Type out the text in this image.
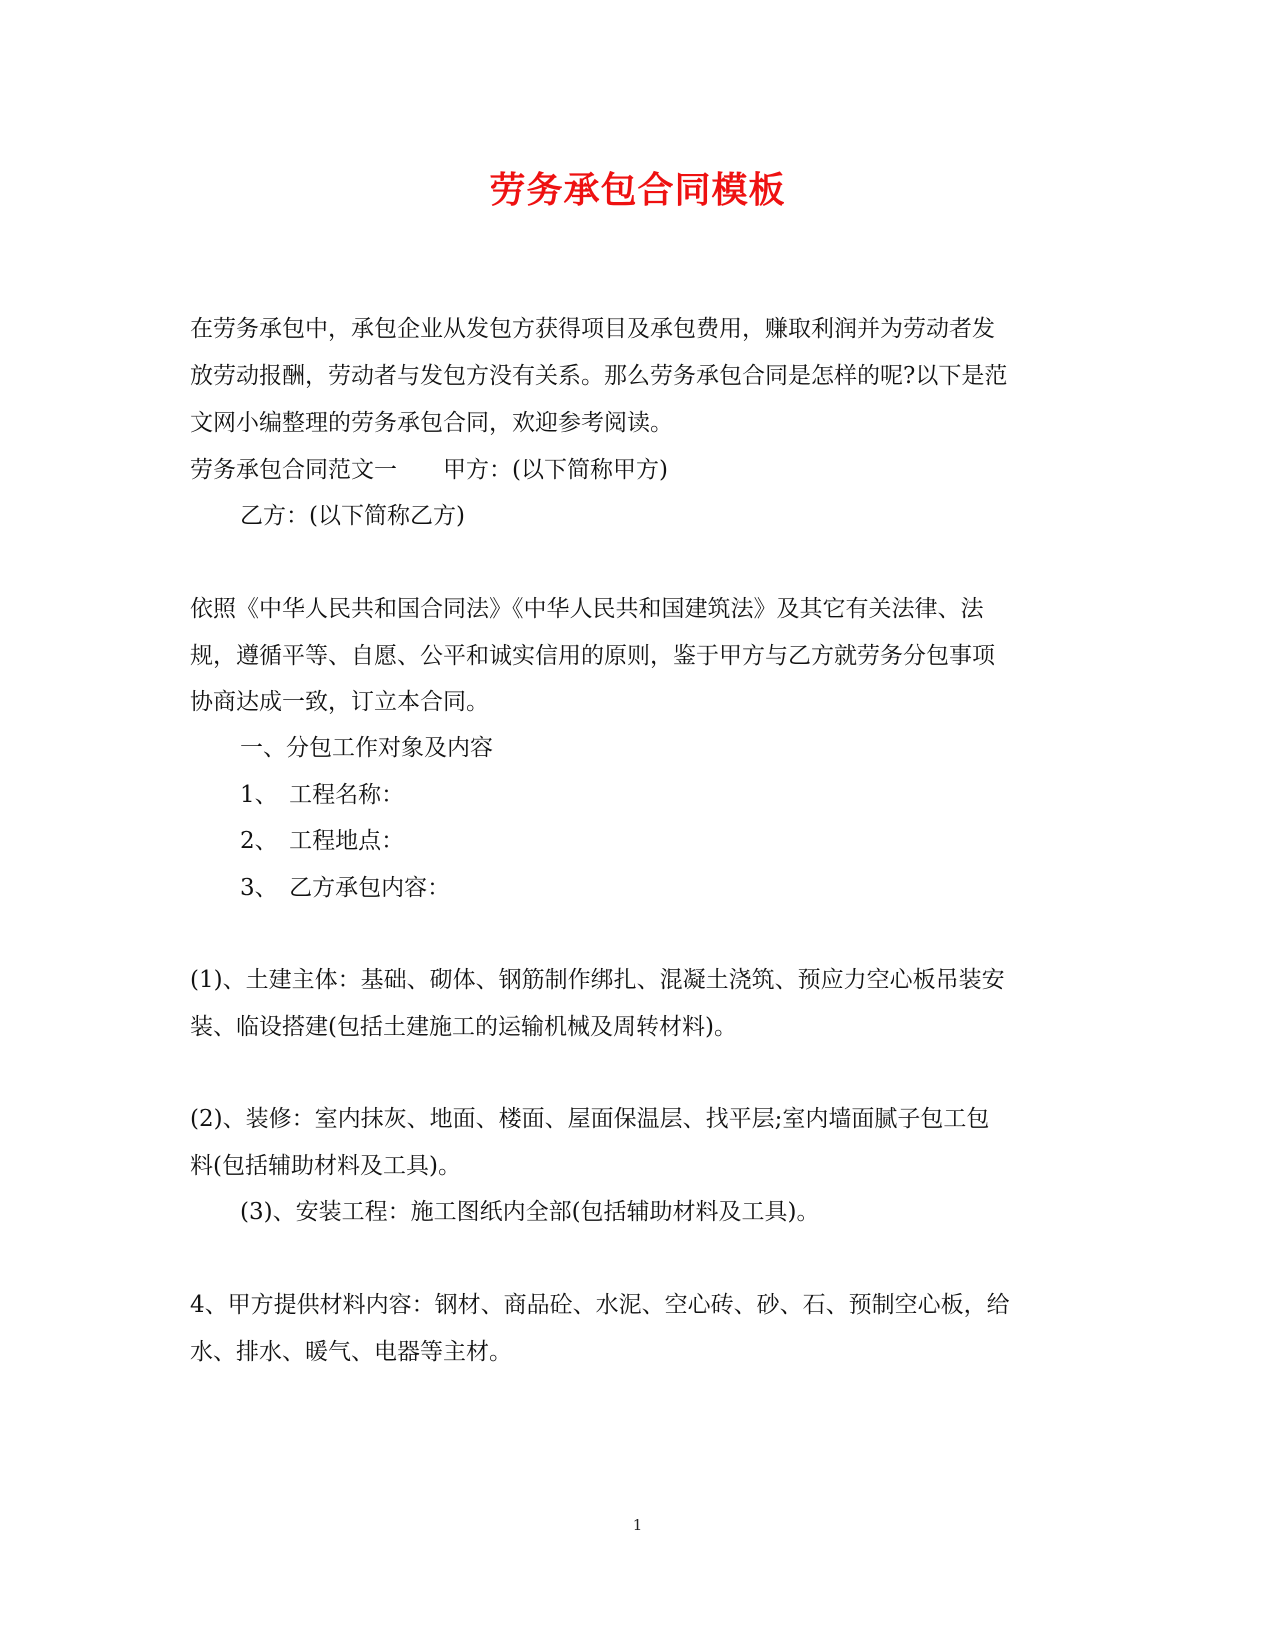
劳务承包合同模板
在劳务承包中，承包企业从发包方获得项目及承包费用，赚取利润并为劳动者发
放劳动报酬，劳动者与发包方没有关系。那么劳务承包合同是怎样的呢?以下是范
文网小编整理的劳务承包合同，欢迎参考阅读。
劳务承包合同范文一　　甲方：(以下简称甲方)
乙方：(以下简称乙方)
依照《中华人民共和国合同法》《中华人民共和国建筑法》及其它有关法律、法
规，遵循平等、自愿、公平和诚实信用的原则，鉴于甲方与乙方就劳务分包事项
协商达成一致，订立本合同。
一、分包工作对象及内容
1、　工程名称：
2、　工程地点：
3、　乙方承包内容：
(1)、土建主体：基础、砌体、钢筋制作绑扎、混凝土浇筑、预应力空心板吊装安
装、临设搭建(包括土建施工的运输机械及周转材料)。
(2)、装修：室内抹灰、地面、楼面、屋面保温层、找平层;室内墙面腻子包工包
料(包括辅助材料及工具)。
(3)、安装工程：施工图纸内全部(包括辅助材料及工具)。
4、甲方提供材料内容：钢材、商品砼、水泥、空心砖、砂、石、预制空心板，给
水、排水、暖气、电器等主材。
1
